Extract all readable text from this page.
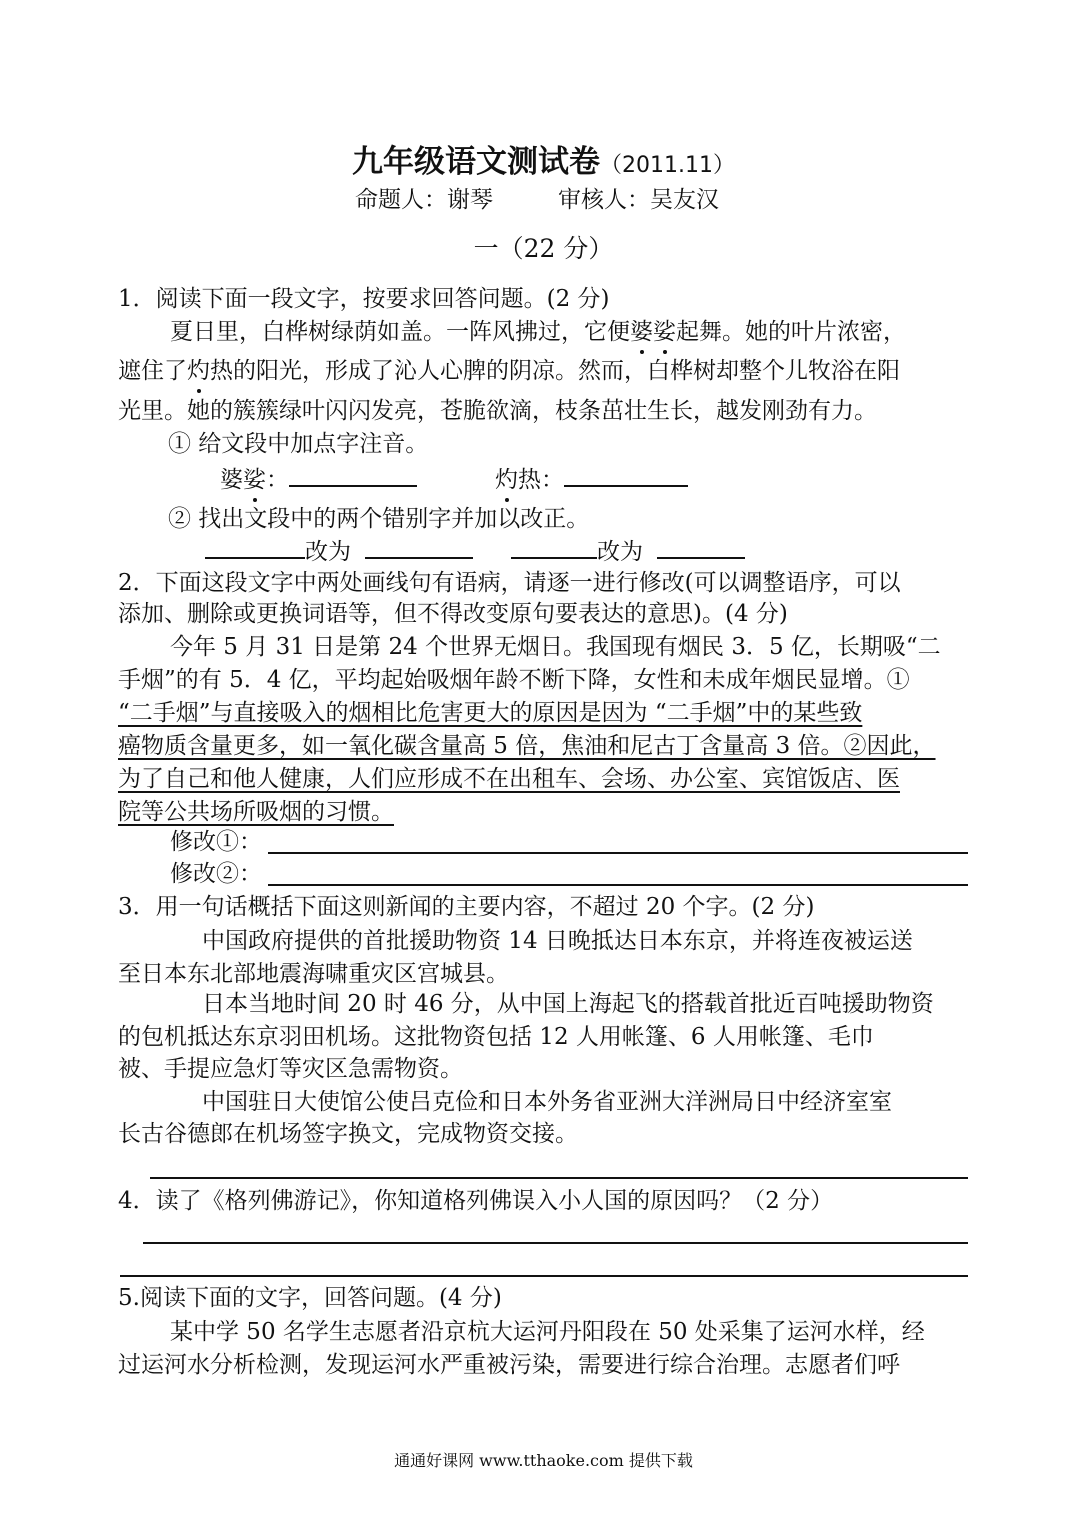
九年级语文测试卷（2011.11）
命题人：谢琴	审核人：吴友汉
一（22 分）
1．阅读下面一段文字，按要求回答问题。(2 分)
夏日里，白桦树绿荫如盖。一阵风拂过，它便婆娑起舞。她的叶片浓密，
遮住了灼热的阳光，形成了沁人心脾的阴凉。然而，白桦树却整个儿牧浴在阳
光里。她的簇簇绿叶闪闪发亮，苍脆欲滴，枝条茁壮生长，越发刚劲有力。
① 给文段中加点字注音。
婆娑：	灼热：
② 找出文段中的两个错别字并加以改正。
改为	改为
2．下面这段文字中两处画线句有语病，请逐一进行修改(可以调整语序，可以
添加、删除或更换词语等，但不得改变原句要表达的意思)。(4 分)
今年 5 月 31 日是第 24 个世界无烟日。我国现有烟民 3．5 亿，长期吸“二
手烟”的有 5．4 亿，平均起始吸烟年龄不断下降，女性和未成年烟民显增。①
“二手烟”与直接吸入的烟相比危害更大的原因是因为 “二手烟”中的某些致
癌物质含量更多，如一氧化碳含量高 5 倍，焦油和尼古丁含量高 3 倍。②因此，
为了自己和他人健康，人们应形成不在出租车、会场、办公室、宾馆饭店、医
院等公共场所吸烟的习惯。
修改①：
修改②：
3．用一句话概括下面这则新闻的主要内容，不超过 20 个字。(2 分)
中国政府提供的首批援助物资 14 日晚抵达日本东京，并将连夜被运送
至日本东北部地震海啸重灾区宫城县。
日本当地时间 20 时 46 分，从中国上海起飞的搭载首批近百吨援助物资
的包机抵达东京羽田机场。这批物资包括 12 人用帐篷、6 人用帐篷、毛巾
被、手提应急灯等灾区急需物资。
中国驻日大使馆公使吕克俭和日本外务省亚洲大洋洲局日中经济室室
长古谷德郎在机场签字换文，完成物资交接。
4．读了《格列佛游记》，你知道格列佛误入小人国的原因吗？（2 分）
5.阅读下面的文字，回答问题。(4 分)
某中学 50 名学生志愿者沿京杭大运河丹阳段在 50 处采集了运河水样，经
过运河水分析检测，发现运河水严重被污染，需要进行综合治理。志愿者们呼
通通好课网 www.tthaoke.com 提供下载
